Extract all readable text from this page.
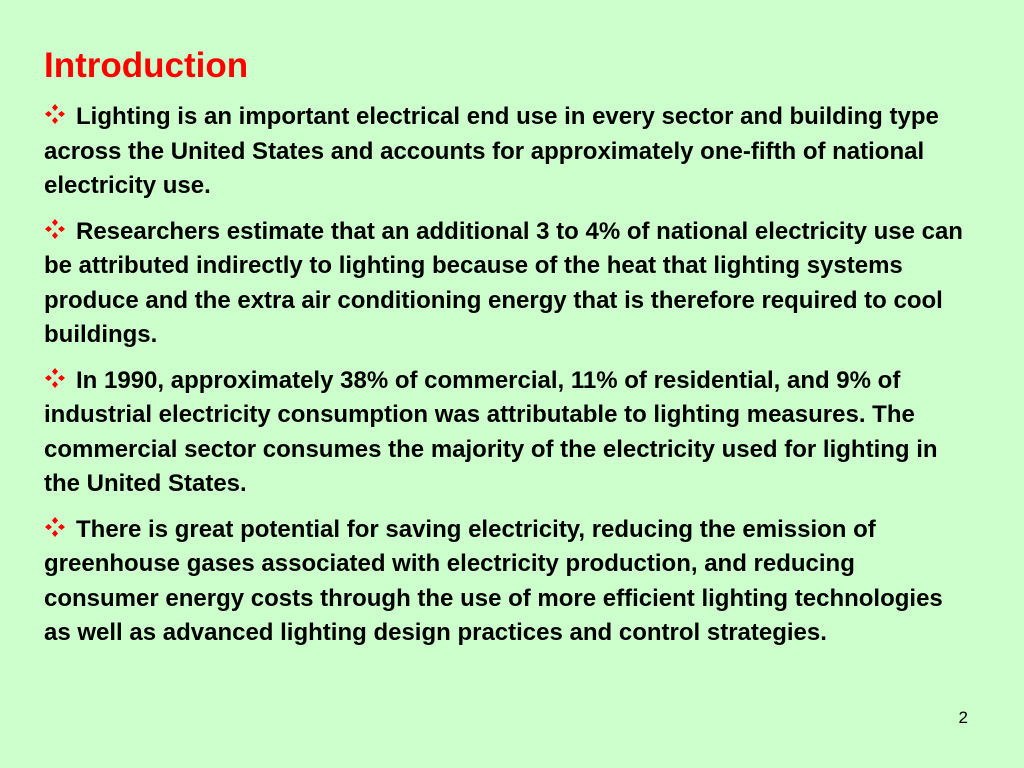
Introduction
Lighting is an important electrical end use in every sector and building type across the United States and accounts for approximately one-fifth of national electricity use.
Researchers estimate that an additional 3 to 4% of national electricity use can be attributed indirectly to lighting because of the heat that lighting systems produce and the extra air conditioning energy that is therefore required to cool buildings.
In 1990, approximately 38% of commercial, 11% of residential, and 9% of industrial electricity consumption was attributable to lighting measures. The commercial sector consumes the majority of the electricity used for lighting in the United States.
There is great potential for saving electricity, reducing the emission of greenhouse gases associated with electricity production, and reducing consumer energy costs through the use of more efficient lighting technologies as well as advanced lighting design practices and control strategies.
2
